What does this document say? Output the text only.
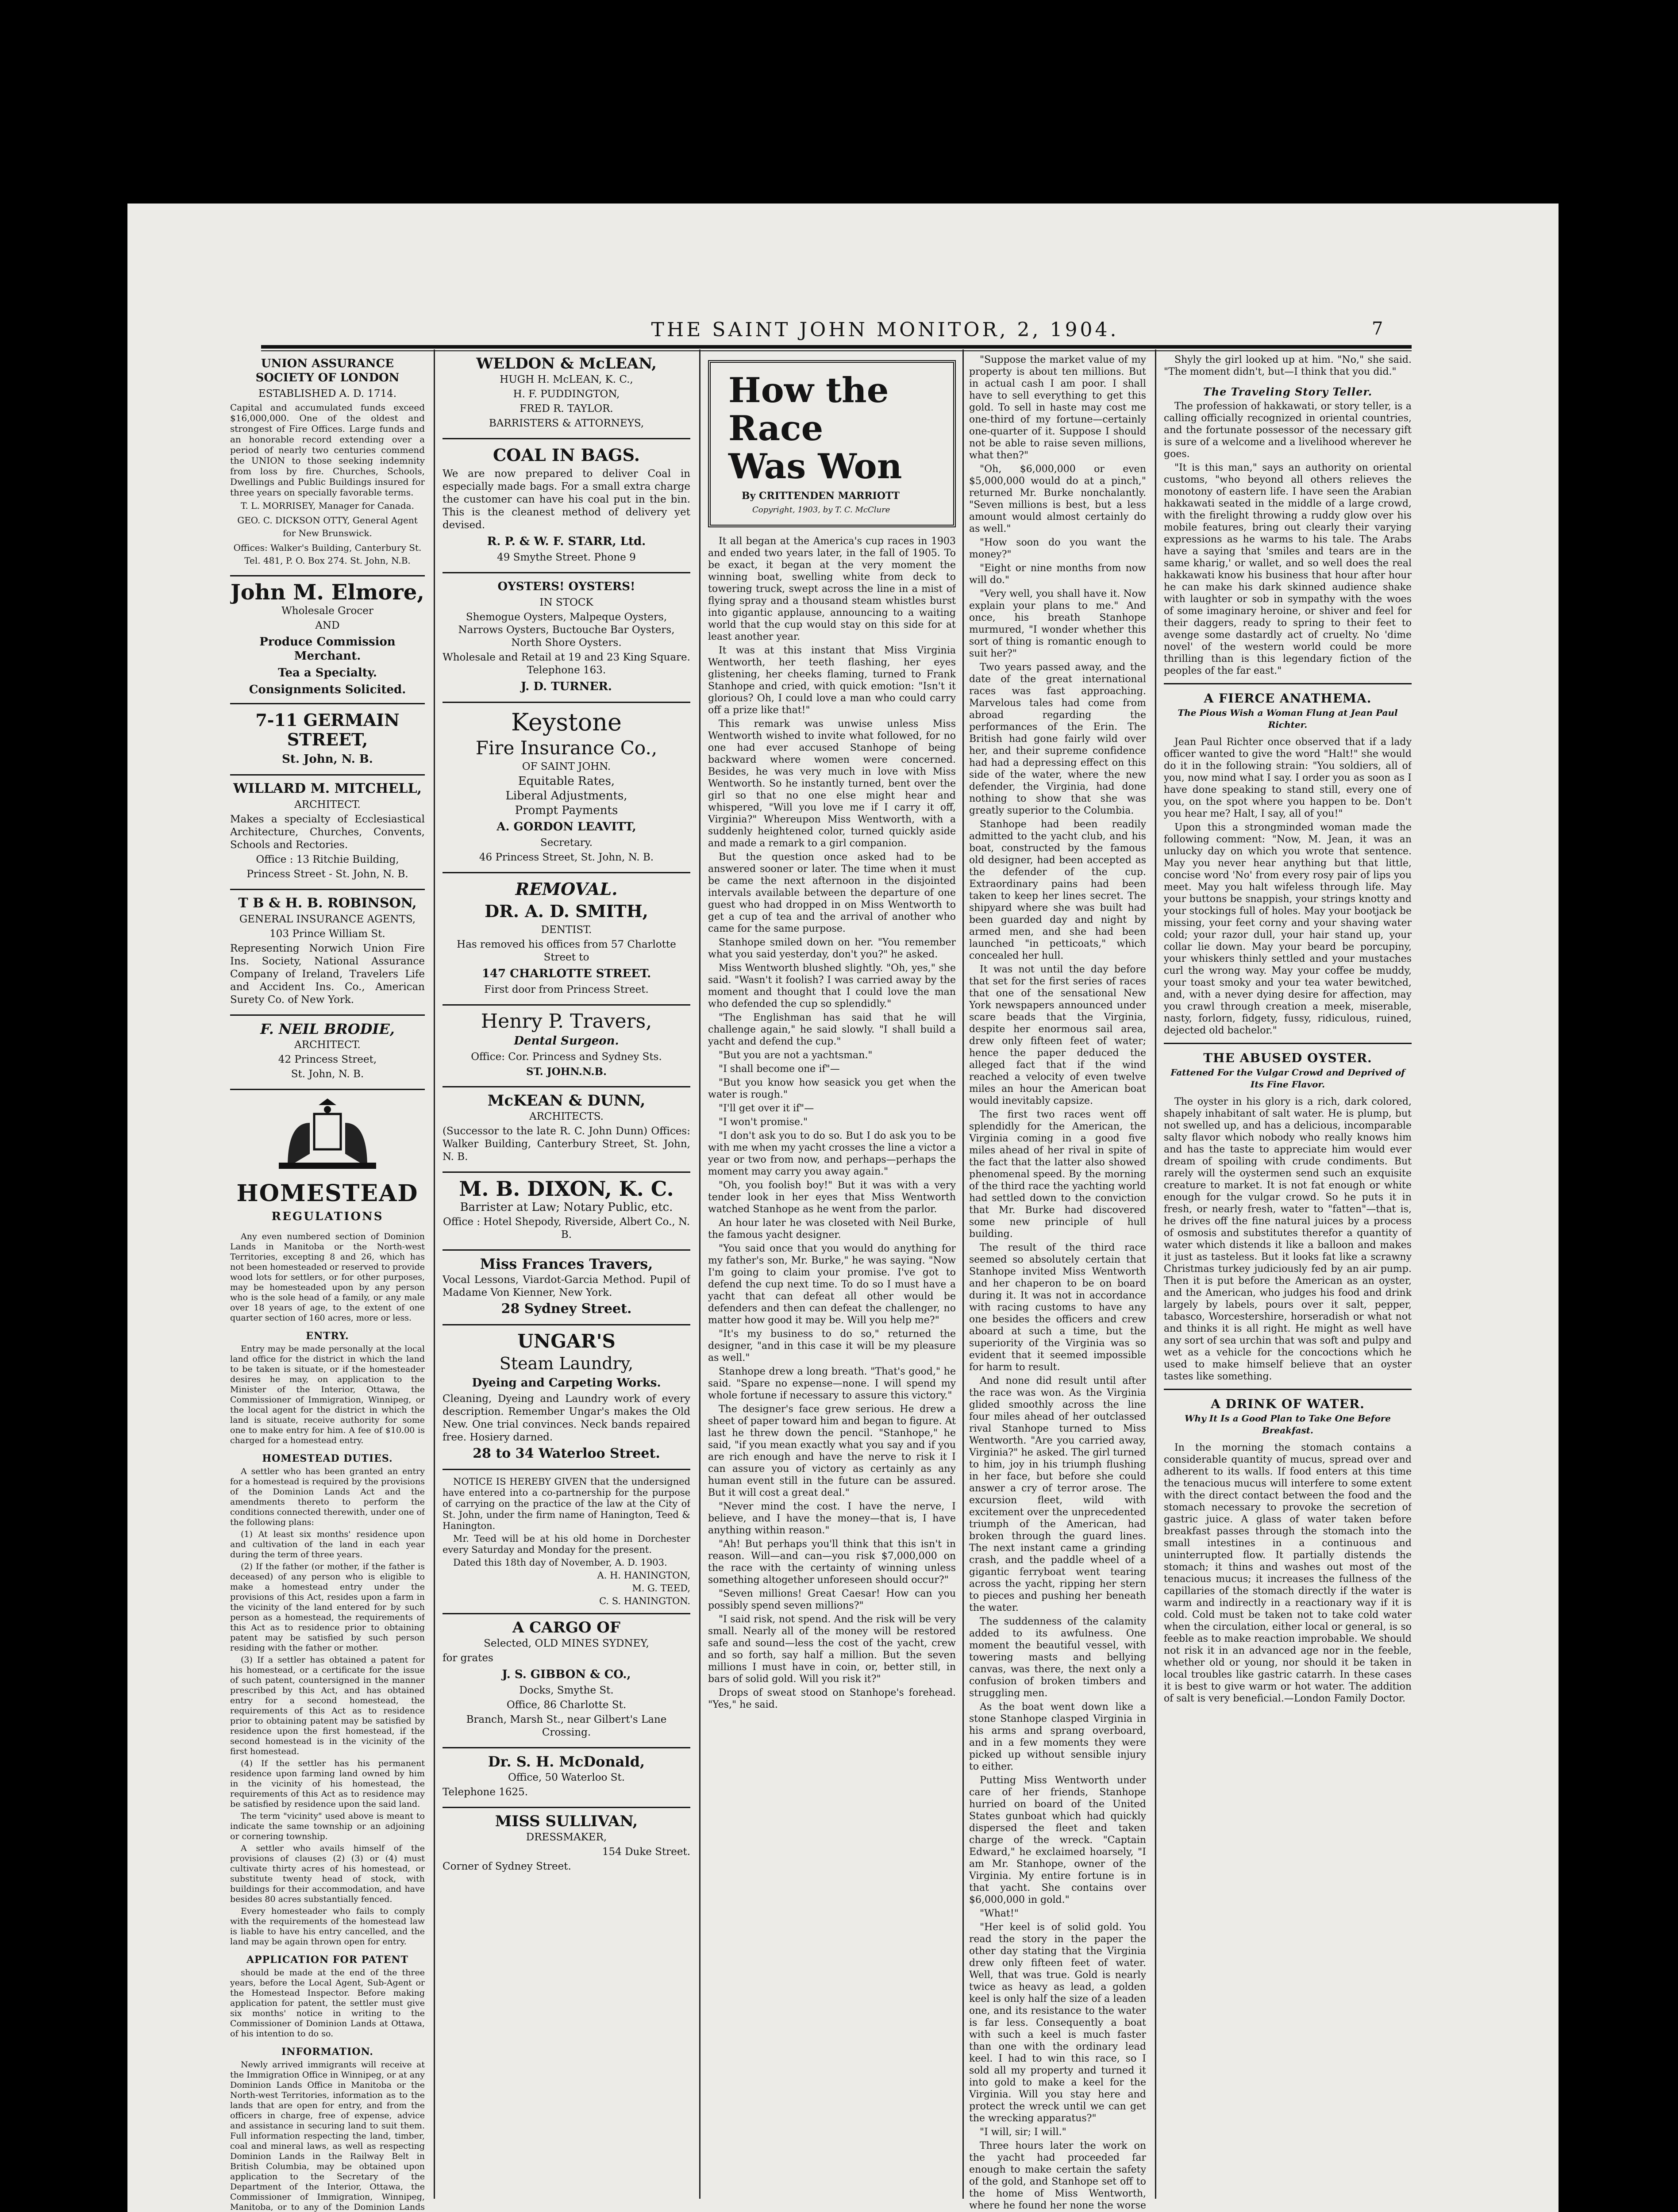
THE SAINT JOHN MONITOR, 2, 1904.	7
UNION ASSURANCE SOCIETY OF LONDON

ESTABLISHED A. D. 1714.

Capital and accumulated funds exceed $16,000,000. One of the oldest and strongest of Fire Offices. Large funds and an honorable record extending over a period of nearly two centuries commend the UNION to those seeking indemnity from loss by fire. Churches, Schools, Dwellings and Public Buildings insured for three years on specially favorable terms.

T. L. MORRISEY, Manager for Canada.

GEO. C. DICKSON OTTY, General Agent for New Brunswick.

Offices: Walker's Building, Canterbury St. Tel. 481, P. O. Box 274. St. John, N.B.

John M. Elmore,

Wholesale Grocer

AND

Produce Commission Merchant.
Tea a Specialty.
Consignments Solicited.
7-11 GERMAIN STREET,
St. John, N. B.
WILLARD M. MITCHELL,

ARCHITECT.

Makes a specialty of Ecclesiastical Architecture, Churches, Convents, Schools and Rectories.

Office : 13 Ritchie Building,

Princess Street - St. John, N. B.

T B & H. B. ROBINSON,

GENERAL INSURANCE AGENTS,

103 Prince William St.

Representing Norwich Union Fire Ins. Society, National Assurance Company of Ireland, Travelers Life and Accident Ins. Co., American Surety Co. of New York.

F. NEIL BRODIE,

ARCHITECT.

42 Princess Street,

St. John, N. B.

HOMESTEAD
REGULATIONS

Any even numbered section of Dominion Lands in Manitoba or the North-west Territories, excepting 8 and 26, which has not been homesteaded or reserved to provide wood lots for settlers, or for other purposes, may be homesteaded upon by any person who is the sole head of a family, or any male over 18 years of age, to the extent of one quarter section of 160 acres, more or less.

ENTRY.

Entry may be made personally at the local land office for the district in which the land to be taken is situate, or if the homesteader desires he may, on application to the Minister of the Interior, Ottawa, the Commissioner of Immigration, Winnipeg, or the local agent for the district in which the land is situate, receive authority for some one to make entry for him. A fee of $10.00 is charged for a homestead entry.

HOMESTEAD DUTIES.

A settler who has been granted an entry for a homestead is required by the provisions of the Dominion Lands Act and the amendments thereto to perform the conditions connected therewith, under one of the following plans:

(1) At least six months' residence upon and cultivation of the land in each year during the term of three years.

(2) If the father (or mother, if the father is deceased) of any person who is eligible to make a homestead entry under the provisions of this Act, resides upon a farm in the vicinity of the land entered for by such person as a homestead, the requirements of this Act as to residence prior to obtaining patent may be satisfied by such person residing with the father or mother.

(3) If a settler has obtained a patent for his homestead, or a certificate for the issue of such patent, countersigned in the manner prescribed by this Act, and has obtained entry for a second homestead, the requirements of this Act as to residence prior to obtaining patent may be satisfied by residence upon the first homestead, if the second homestead is in the vicinity of the first homestead.

(4) If the settler has his permanent residence upon farming land owned by him in the vicinity of his homestead, the requirements of this Act as to residence may be satisfied by residence upon the said land.

The term "vicinity" used above is meant to indicate the same township or an adjoining or cornering township.

A settler who avails himself of the provisions of clauses (2) (3) or (4) must cultivate thirty acres of his homestead, or substitute twenty head of stock, with buildings for their accommodation, and have besides 80 acres substantially fenced.

Every homesteader who fails to comply with the requirements of the homestead law is liable to have his entry cancelled, and the land may be again thrown open for entry.

APPLICATION FOR PATENT

should be made at the end of the three years, before the Local Agent, Sub-Agent or the Homestead Inspector. Before making application for patent, the settler must give six months' notice in writing to the Commissioner of Dominion Lands at Ottawa, of his intention to do so.

INFORMATION.

Newly arrived immigrants will receive at the Immigration Office in Winnipeg, or at any Dominion Lands Office in Manitoba or the North-west Territories, information as to the lands that are open for entry, and from the officers in charge, free of expense, advice and assistance in securing land to suit them. Full information respecting the land, timber, coal and mineral laws, as well as respecting Dominion Lands in the Railway Belt in British Columbia, may be obtained upon application to the Secretary of the Department of the Interior, Ottawa, the Commissioner of Immigration, Winnipeg, Manitoba, or to any of the Dominion Lands

WELDON & McLEAN,

HUGH H. McLEAN, K. C.,

H. F. PUDDINGTON,

FRED R. TAYLOR.

BARRISTERS & ATTORNEYS,

COAL IN BAGS.

We are now prepared to deliver Coal in especially made bags. For a small extra charge the customer can have his coal put in the bin. This is the cleanest method of delivery yet devised.

R. P. & W. F. STARR, Ltd.

49 Smythe Street. Phone 9

OYSTERS! OYSTERS!

IN STOCK

Shemogue Oysters, Malpeque Oysters, Narrows Oysters, Buctouche Bar Oysters, North Shore Oysters.

Wholesale and Retail at 19 and 23 King Square. Telephone 163.

J. D. TURNER.
Keystone
Fire Insurance Co.,

OF SAINT JOHN.

Equitable Rates,

Liberal Adjustments,

Prompt Payments

A. GORDON LEAVITT,

Secretary.

46 Princess Street, St. John, N. B.

REMOVAL.
DR. A. D. SMITH,

DENTIST.

Has removed his offices from 57 Charlotte Street to

147 CHARLOTTE STREET.

First door from Princess Street.

Henry P. Travers,
Dental Surgeon.

Office: Cor. Princess and Sydney Sts.

ST. JOHN.N.B.

McKEAN & DUNN,

ARCHITECTS.

(Successor to the late R. C. John Dunn) Offices: Walker Building, Canterbury Street, St. John, N. B.

M. B. DIXON, K. C.

Barrister at Law; Notary Public, etc.

Office : Hotel Shepody, Riverside, Albert Co., N. B.

Miss Frances Travers,

Vocal Lessons, Viardot-Garcia Method. Pupil of Madame Von Kienner, New York.

28 Sydney Street.
UNGAR'S
Steam Laundry,
Dyeing and Carpeting Works.

Cleaning, Dyeing and Laundry work of every description. Remember Ungar's makes the Old New. One trial convinces. Neck bands repaired free. Hosiery darned.

28 to 34 Waterloo Street.

NOTICE IS HEREBY GIVEN that the undersigned have entered into a co-partnership for the purpose of carrying on the practice of the law at the City of St. John, under the firm name of Hanington, Teed & Hanington.

Mr. Teed will be at his old home in Dorchester every Saturday and Monday for the present.

Dated this 18th day of November, A. D. 1903.

A. H. HANINGTON,

M. G. TEED,

C. S. HANINGTON.

A CARGO OF

Selected, OLD MINES SYDNEY,

for grates

J. S. GIBBON & CO.,

Docks, Smythe St.

Office, 86 Charlotte St.

Branch, Marsh St., near Gilbert's Lane Crossing.

Dr. S. H. McDonald,

Office, 50 Waterloo St.

Telephone 1625.

MISS SULLIVAN,

DRESSMAKER,

154 Duke Street.

Corner of Sydney Street.

How the Race
Was Won
By CRITTENDEN MARRIOTT

Copyright, 1903, by T. C. McClure

It all began at the America's cup races in 1903 and ended two years later, in the fall of 1905. To be exact, it began at the very moment the winning boat, swelling white from deck to towering truck, swept across the line in a mist of flying spray and a thousand steam whistles burst into gigantic applause, announcing to a waiting world that the cup would stay on this side for at least another year.

It was at this instant that Miss Virginia Wentworth, her teeth flashing, her eyes glistening, her cheeks flaming, turned to Frank Stanhope and cried, with quick emotion: "Isn't it glorious? Oh, I could love a man who could carry off a prize like that!"

This remark was unwise unless Miss Wentworth wished to invite what followed, for no one had ever accused Stanhope of being backward where women were concerned. Besides, he was very much in love with Miss Wentworth. So he instantly turned, bent over the girl so that no one else might hear and whispered, "Will you love me if I carry it off, Virginia?" Whereupon Miss Wentworth, with a suddenly heightened color, turned quickly aside and made a remark to a girl companion.

But the question once asked had to be answered sooner or later. The time when it must be came the next afternoon in the disjointed intervals available between the departure of one guest who had dropped in on Miss Wentworth to get a cup of tea and the arrival of another who came for the same purpose.

Stanhope smiled down on her. "You remember what you said yesterday, don't you?" he asked.

Miss Wentworth blushed slightly. "Oh, yes," she said. "Wasn't it foolish? I was carried away by the moment and thought that I could love the man who defended the cup so splendidly."

"The Englishman has said that he will challenge again," he said slowly. "I shall build a yacht and defend the cup."

"But you are not a yachtsman."

"I shall become one if"—

"But you know how seasick you get when the water is rough."

"I'll get over it if"—

"I won't promise."

"I don't ask you to do so. But I do ask you to be with me when my yacht crosses the line a victor a year or two from now, and perhaps—perhaps the moment may carry you away again."

"Oh, you foolish boy!" But it was with a very tender look in her eyes that Miss Wentworth watched Stanhope as he went from the parlor.

An hour later he was closeted with Neil Burke, the famous yacht designer.

"You said once that you would do anything for my father's son, Mr. Burke," he was saying. "Now I'm going to claim your promise. I've got to defend the cup next time. To do so I must have a yacht that can defeat all other would be defenders and then can defeat the challenger, no matter how good it may be. Will you help me?"

"It's my business to do so," returned the designer, "and in this case it will be my pleasure as well."

Stanhope drew a long breath. "That's good," he said. "Spare no expense—none. I will spend my whole fortune if necessary to assure this victory."

The designer's face grew serious. He drew a sheet of paper toward him and began to figure. At last he threw down the pencil. "Stanhope," he said, "if you mean exactly what you say and if you are rich enough and have the nerve to risk it I can assure you of victory as certainly as any human event still in the future can be assured. But it will cost a great deal."

"Never mind the cost. I have the nerve, I believe, and I have the money—that is, I have anything within reason."

"Ah! But perhaps you'll think that this isn't in reason. Will—and can—you risk $7,000,000 on the race with the certainty of winning unless something altogether unforeseen should occur?"

"Seven millions! Great Caesar! How can you possibly spend seven millions?"

"I said risk, not spend. And the risk will be very small. Nearly all of the money will be restored safe and sound—less the cost of the yacht, crew and so forth, say half a million. But the seven millions I must have in coin, or, better still, in bars of solid gold. Will you risk it?"

Drops of sweat stood on Stanhope's forehead. "Yes," he said.

"Suppose the market value of my property is about ten millions. But in actual cash I am poor. I shall have to sell everything to get this gold. To sell in haste may cost me one-third of my fortune—certainly one-quarter of it. Suppose I should not be able to raise seven millions, what then?"

"Oh, $6,000,000 or even $5,000,000 would do at a pinch," returned Mr. Burke nonchalantly. "Seven millions is best, but a less amount would almost certainly do as well."

"How soon do you want the money?"

"Eight or nine months from now will do."

"Very well, you shall have it. Now explain your plans to me." And once, his breath Stanhope murmured, "I wonder whether this sort of thing is romantic enough to suit her?"

Two years passed away, and the date of the great international races was fast approaching. Marvelous tales had come from abroad regarding the performances of the Erin. The British had gone fairly wild over her, and their supreme confidence had had a depressing effect on this side of the water, where the new defender, the Virginia, had done nothing to show that she was greatly superior to the Columbia.

Stanhope had been readily admitted to the yacht club, and his boat, constructed by the famous old designer, had been accepted as the defender of the cup. Extraordinary pains had been taken to keep her lines secret. The shipyard where she was built had been guarded day and night by armed men, and she had been launched "in petticoats," which concealed her hull.

It was not until the day before that set for the first series of races that one of the sensational New York newspapers announced under scare beads that the Virginia, despite her enormous sail area, drew only fifteen feet of water; hence the paper deduced the alleged fact that if the wind reached a velocity of even twelve miles an hour the American boat would inevitably capsize.

The first two races went off splendidly for the American, the Virginia coming in a good five miles ahead of her rival in spite of the fact that the latter also showed phenomenal speed. By the morning of the third race the yachting world had settled down to the conviction that Mr. Burke had discovered some new principle of hull building.

The result of the third race seemed so absolutely certain that Stanhope invited Miss Wentworth and her chaperon to be on board during it. It was not in accordance with racing customs to have any one besides the officers and crew aboard at such a time, but the superiority of the Virginia was so evident that it seemed impossible for harm to result.

And none did result until after the race was won. As the Virginia glided smoothly across the line four miles ahead of her outclassed rival Stanhope turned to Miss Wentworth. "Are you carried away, Virginia?" he asked. The girl turned to him, joy in his triumph flushing in her face, but before she could answer a cry of terror arose. The excursion fleet, wild with excitement over the unprecedented triumph of the American, had broken through the guard lines. The next instant came a grinding crash, and the paddle wheel of a gigantic ferryboat went tearing across the yacht, ripping her stern to pieces and pushing her beneath the water.

The suddenness of the calamity added to its awfulness. One moment the beautiful vessel, with towering masts and bellying canvas, was there, the next only a confusion of broken timbers and struggling men.

As the boat went down like a stone Stanhope clasped Virginia in his arms and sprang overboard, and in a few moments they were picked up without sensible injury to either.

Putting Miss Wentworth under care of her friends, Stanhope hurried on board of the United States gunboat which had quickly dispersed the fleet and taken charge of the wreck. "Captain Edward," he exclaimed hoarsely, "I am Mr. Stanhope, owner of the Virginia. My entire fortune is in that yacht. She contains over $6,000,000 in gold."

"What!"

"Her keel is of solid gold. You read the story in the paper the other day stating that the Virginia drew only fifteen feet of water. Well, that was true. Gold is nearly twice as heavy as lead, a golden keel is only half the size of a leaden one, and its resistance to the water is far less. Consequently a boat with such a keel is much faster than one with the ordinary lead keel. I had to win this race, so I sold all my property and turned it into gold to make a keel for the Virginia. Will you stay here and protect the wreck until we can get the wrecking apparatus?"

"I will, sir; I will."

Three hours later the work on the yacht had proceeded far enough to make certain the safety of the gold, and Stanhope set off to the home of Miss Wentworth, where he found her none the worse

Shyly the girl looked up at him. "No," she said. "The moment didn't, but—I think that you did."

The Traveling Story Teller.

The profession of hakkawati, or story teller, is a calling officially recognized in oriental countries, and the fortunate possessor of the necessary gift is sure of a welcome and a livelihood wherever he goes.

"It is this man," says an authority on oriental customs, "who beyond all others relieves the monotony of eastern life. I have seen the Arabian hakkawati seated in the middle of a large crowd, with the firelight throwing a ruddy glow over his mobile features, bring out clearly their varying expressions as he warms to his tale. The Arabs have a saying that 'smiles and tears are in the same kharig,' or wallet, and so well does the real hakkawati know his business that hour after hour he can make his dark skinned audience shake with laughter or sob in sympathy with the woes of some imaginary heroine, or shiver and feel for their daggers, ready to spring to their feet to avenge some dastardly act of cruelty. No 'dime novel' of the western world could be more thrilling than is this legendary fiction of the peoples of the far east."

A FIERCE ANATHEMA.
The Pious Wish a Woman Flung at Jean Paul Richter.

Jean Paul Richter once observed that if a lady officer wanted to give the word "Halt!" she would do it in the following strain: "You soldiers, all of you, now mind what I say. I order you as soon as I have done speaking to stand still, every one of you, on the spot where you happen to be. Don't you hear me? Halt, I say, all of you!"

Upon this a strongminded woman made the following comment: "Now, M. Jean, it was an unlucky day on which you wrote that sentence. May you never hear anything but that little, concise word 'No' from every rosy pair of lips you meet. May you halt wifeless through life. May your buttons be snappish, your strings knotty and your stockings full of holes. May your bootjack be missing, your feet corny and your shaving water cold; your razor dull, your hair stand up, your collar lie down. May your beard be porcupiny, your whiskers thinly settled and your mustaches curl the wrong way. May your coffee be muddy, your toast smoky and your tea water bewitched, and, with a never dying desire for affection, may you crawl through creation a meek, miserable, nasty, forlorn, fidgety, fussy, ridiculous, ruined, dejected old bachelor."

THE ABUSED OYSTER.
Fattened For the Vulgar Crowd and Deprived of Its Fine Flavor.

The oyster in his glory is a rich, dark colored, shapely inhabitant of salt water. He is plump, but not swelled up, and has a delicious, incomparable salty flavor which nobody who really knows him and has the taste to appreciate him would ever dream of spoiling with crude condiments. But rarely will the oystermen send such an exquisite creature to market. It is not fat enough or white enough for the vulgar crowd. So he puts it in fresh, or nearly fresh, water to "fatten"—that is, he drives off the fine natural juices by a process of osmosis and substitutes therefor a quantity of water which distends it like a balloon and makes it just as tasteless. But it looks fat like a scrawny Christmas turkey judiciously fed by an air pump. Then it is put before the American as an oyster, and the American, who judges his food and drink largely by labels, pours over it salt, pepper, tabasco, Worcestershire, horseradish or what not and thinks it is all right. He might as well have any sort of sea urchin that was soft and pulpy and wet as a vehicle for the concoctions which he used to make himself believe that an oyster tastes like something.

A DRINK OF WATER.
Why It Is a Good Plan to Take One Before Breakfast.

In the morning the stomach contains a considerable quantity of mucus, spread over and adherent to its walls. If food enters at this time the tenacious mucus will interfere to some extent with the direct contact between the food and the stomach necessary to provoke the secretion of gastric juice. A glass of water taken before breakfast passes through the stomach into the small intestines in a continuous and uninterrupted flow. It partially distends the stomach; it thins and washes out most of the tenacious mucus; it increases the fullness of the capillaries of the stomach directly if the water is warm and indirectly in a reactionary way if it is cold. Cold must be taken not to take cold water when the circulation, either local or general, is so feeble as to make reaction improbable. We should not risk it in an advanced age nor in the feeble, whether old or young, nor should it be taken in local troubles like gastric catarrh. In these cases it is best to give warm or hot water. The addition of salt is very beneficial.—London Family Doctor.
